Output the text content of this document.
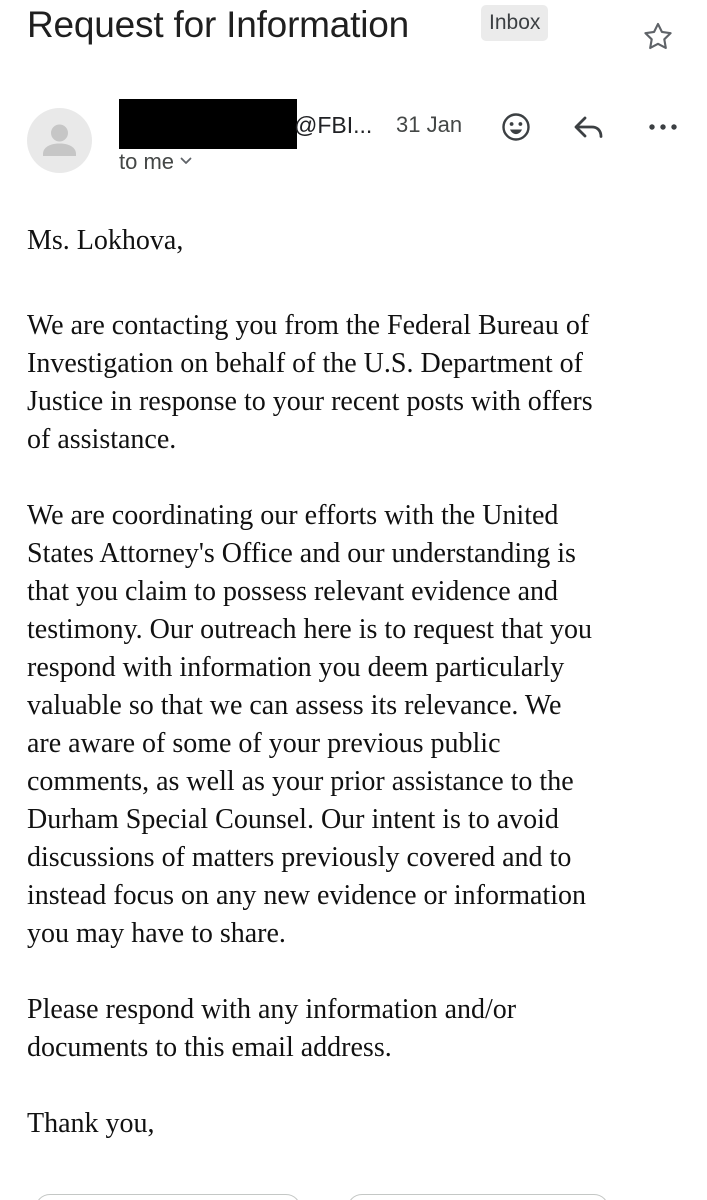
Request for Information	Inbox
@FBI... 31 Jan
to me

Ms. Lokhova,

We are contacting you from the Federal Bureau of
Investigation on behalf of the U.S. Department of
Justice in response to your recent posts with offers
of assistance.

We are coordinating our efforts with the United
States Attorney's Office and our understanding is
that you claim to possess relevant evidence and
testimony. Our outreach here is to request that you
respond with information you deem particularly
valuable so that we can assess its relevance. We
are aware of some of your previous public
comments, as well as your prior assistance to the
Durham Special Counsel. Our intent is to avoid
discussions of matters previously covered and to
instead focus on any new evidence or information
you may have to share.

Please respond with any information and/or
documents to this email address.

Thank you,
